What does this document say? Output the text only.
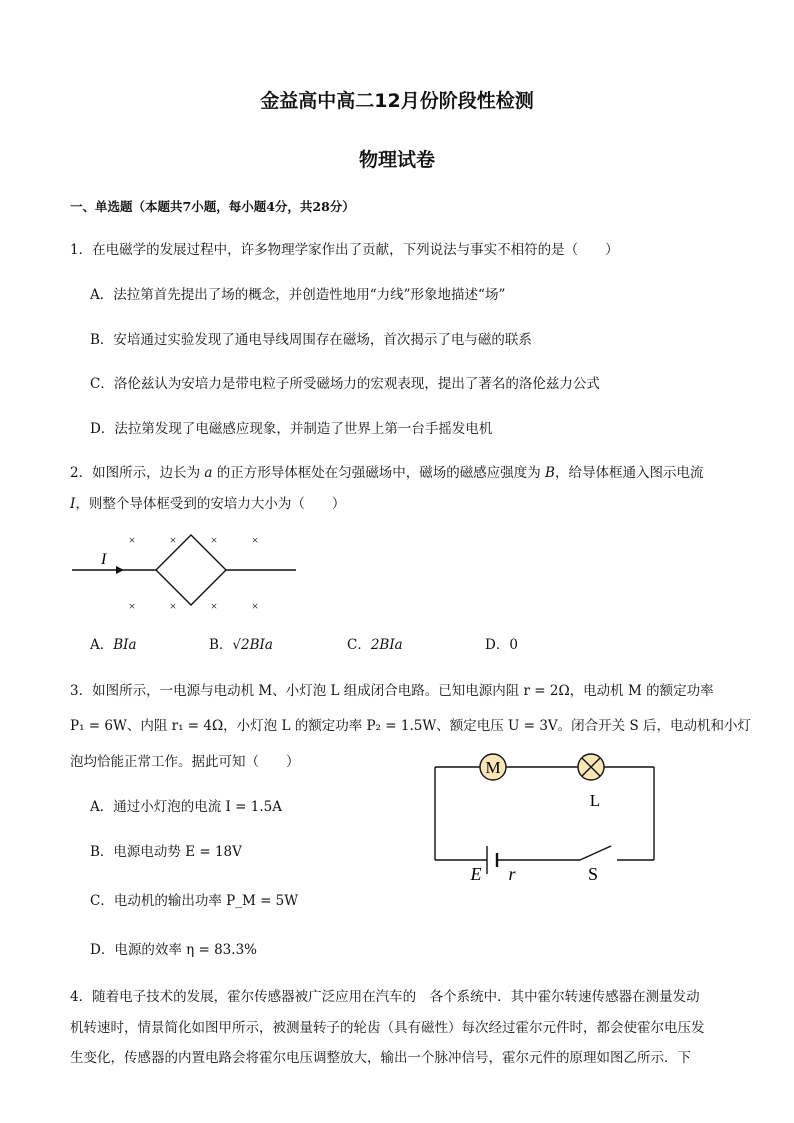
金益高中高二12月份阶段性检测
物理试卷
一、单选题（本题共7小题，每小题4分，共28分）
1．在电磁学的发展过程中，许多物理学家作出了贡献，下列说法与事实不相符的是（　　）
A．法拉第首先提出了场的概念，并创造性地用“力线”形象地描述“场”
B．安培通过实验发现了通电导线周围存在磁场，首次揭示了电与磁的联系
C．洛伦兹认为安培力是带电粒子所受磁场力的宏观表现，提出了著名的洛伦兹力公式
D．法拉第发现了电磁感应现象，并制造了世界上第一台手摇发电机
2．如图所示，边长为 a 的正方形导体框处在匀强磁场中，磁场的磁感应强度为 B，给导体框通入图示电流
I，则整个导体框受到的安培力大小为（　　）
I
×	×	×	×
×	×	×	×
A．BIa	B．√2BIa	C．2BIa	D．0
3．如图所示，一电源与电动机 M、小灯泡 L 组成闭合电路。已知电源内阻 r = 2Ω，电动机 M 的额定功率
P₁ = 6W、内阻 r₁ = 4Ω，小灯泡 L 的额定功率 P₂ = 1.5W、额定电压 U = 3V。闭合开关 S 后，电动机和小灯
泡均恰能正常工作。据此可知（　　）
A．通过小灯泡的电流 I = 1.5A
B．电源电动势 E = 18V
C．电动机的输出功率 P_M = 5W
D．电源的效率 η = 83.3%
M
L
E r	S
4．随着电子技术的发展，霍尔传感器被广泛应用在汽车的　各个系统中．其中霍尔转速传感器在测量发动
机转速时，情景简化如图甲所示，被测量转子的轮齿（具有磁性）每次经过霍尔元件时，都会使霍尔电压发
生变化，传感器的内置电路会将霍尔电压调整放大，输出一个脉冲信号，霍尔元件的原理如图乙所示．下
